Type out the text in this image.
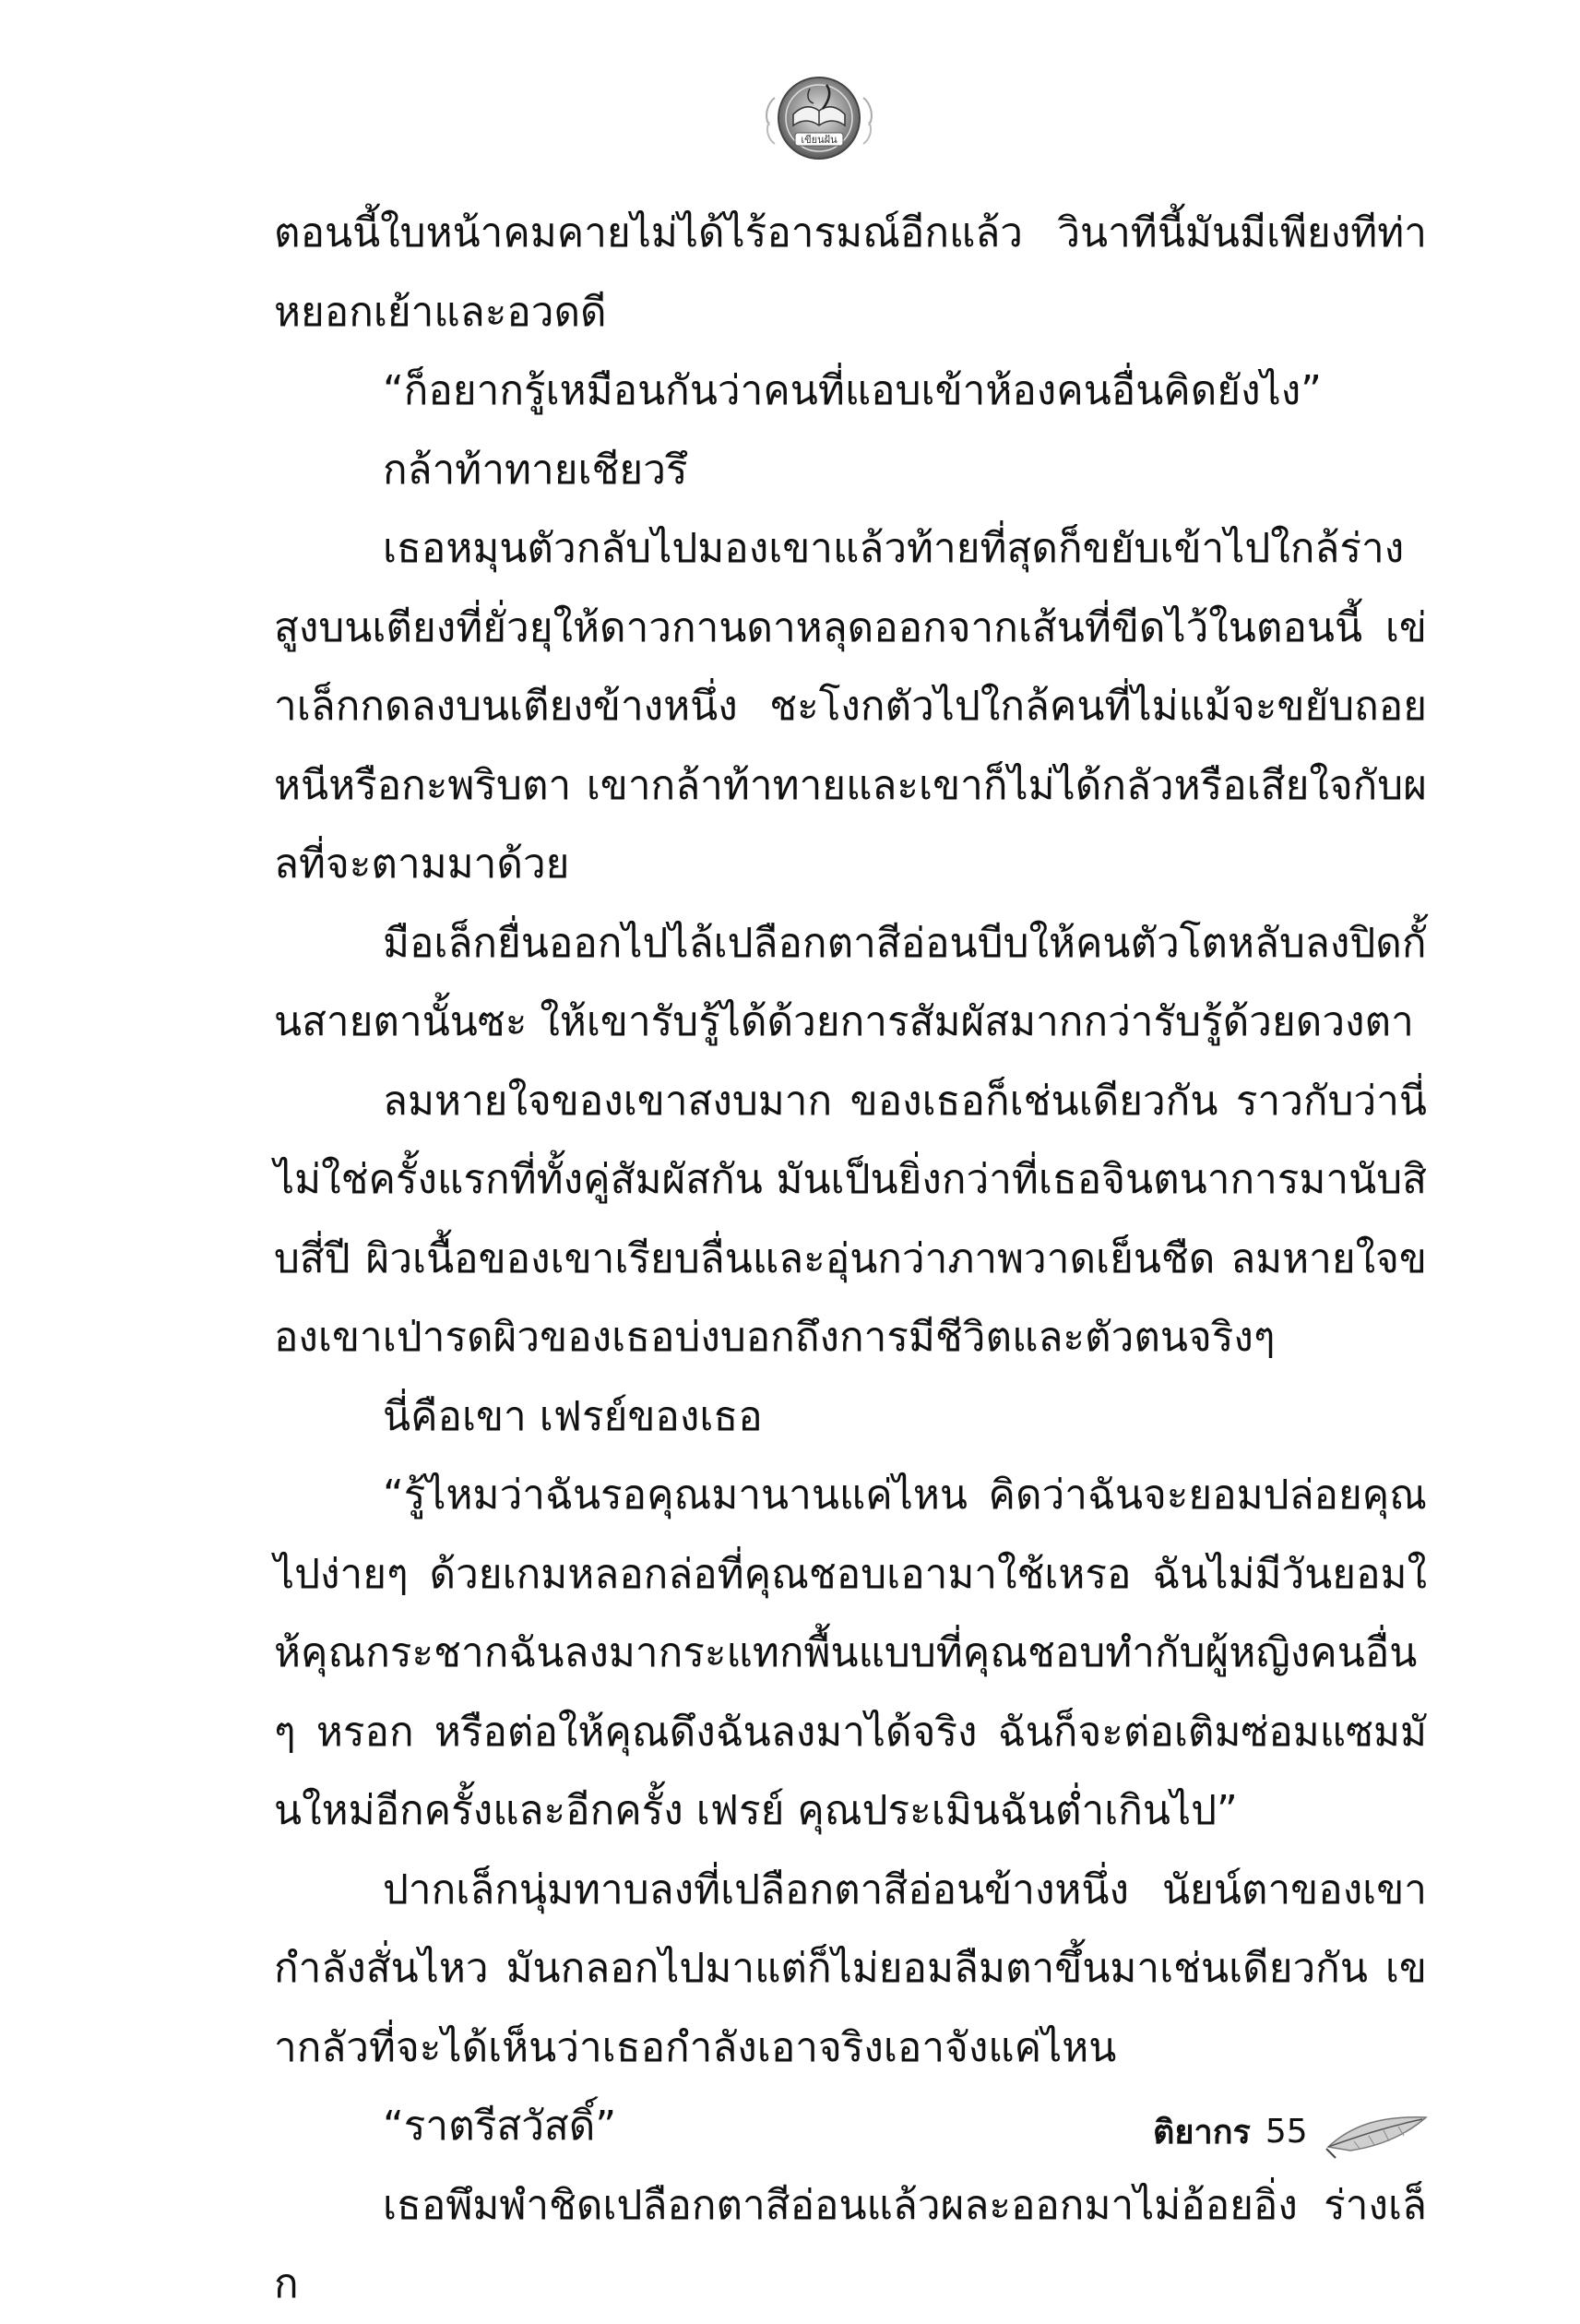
เขียนฝัน

ตอนนี้ใบหน้าคมคายไม่ได้ไร้อารมณ์อีกแล้ว วินาทีนี้มันมีเพียงทีท่าหยอกเย้าและอวดดี

“ก็อยากรู้เหมือนกันว่าคนที่แอบเข้าห้องคนอื่นคิดยังไง”

กล้าท้าทายเชียวรึ

เธอหมุนตัวกลับไปมองเขาแล้วท้ายที่สุดก็ขยับเข้าไปใกล้ร่างสูงบนเตียงที่ยั่วยุให้ดาวกานดาหลุดออกจากเส้นที่ขีดไว้ในตอนนี้ เข่าเล็กกดลงบนเตียงข้างหนึ่ง ชะโงกตัวไปใกล้คนที่ไม่แม้จะขยับถอยหนีหรือกะพริบตา เขากล้าท้าทายและเขาก็ไม่ได้กลัวหรือเสียใจกับผลที่จะตามมาด้วย

มือเล็กยื่นออกไปไล้เปลือกตาสีอ่อนบีบให้คนตัวโตหลับลงปิดกั้นสายตานั้นซะ ให้เขารับรู้ได้ด้วยการสัมผัสมากกว่ารับรู้ด้วยดวงตา

ลมหายใจของเขาสงบมาก ของเธอก็เช่นเดียวกัน ราวกับว่านี่ไม่ใช่ครั้งแรกที่ทั้งคู่สัมผัสกัน มันเป็นยิ่งกว่าที่เธอจินตนาการมานับสิบสี่ปี ผิวเนื้อของเขาเรียบลื่นและอุ่นกว่าภาพวาดเย็นชืด ลมหายใจของเขาเป่ารดผิวของเธอบ่งบอกถึงการมีชีวิตและตัวตนจริงๆ

นี่คือเขา เฟรย์ของเธอ

“รู้ไหมว่าฉันรอคุณมานานแค่ไหน คิดว่าฉันจะยอมปล่อยคุณไปง่ายๆ ด้วยเกมหลอกล่อที่คุณชอบเอามาใช้เหรอ ฉันไม่มีวันยอมให้คุณกระชากฉันลงมากระแทกพื้นแบบที่คุณชอบทำกับผู้หญิงคนอื่นๆ หรอก หรือต่อให้คุณดึงฉันลงมาได้จริง ฉันก็จะต่อเติมซ่อมแซมมันใหม่อีกครั้งและอีกครั้ง เฟรย์ คุณประเมินฉันต่ำเกินไป”

ปากเล็กนุ่มทาบลงที่เปลือกตาสีอ่อนข้างหนึ่ง นัยน์ตาของเขากำลังสั่นไหว มันกลอกไปมาแต่ก็ไม่ยอมลืมตาขึ้นมาเช่นเดียวกัน เขากลัวที่จะได้เห็นว่าเธอกำลังเอาจริงเอาจังแค่ไหน

“ราตรีสวัสดิ์”

เธอพึมพำชิดเปลือกตาสีอ่อนแล้วผละออกมาไม่อ้อยอิ่ง ร่างเล็ก

ติยากร 55
